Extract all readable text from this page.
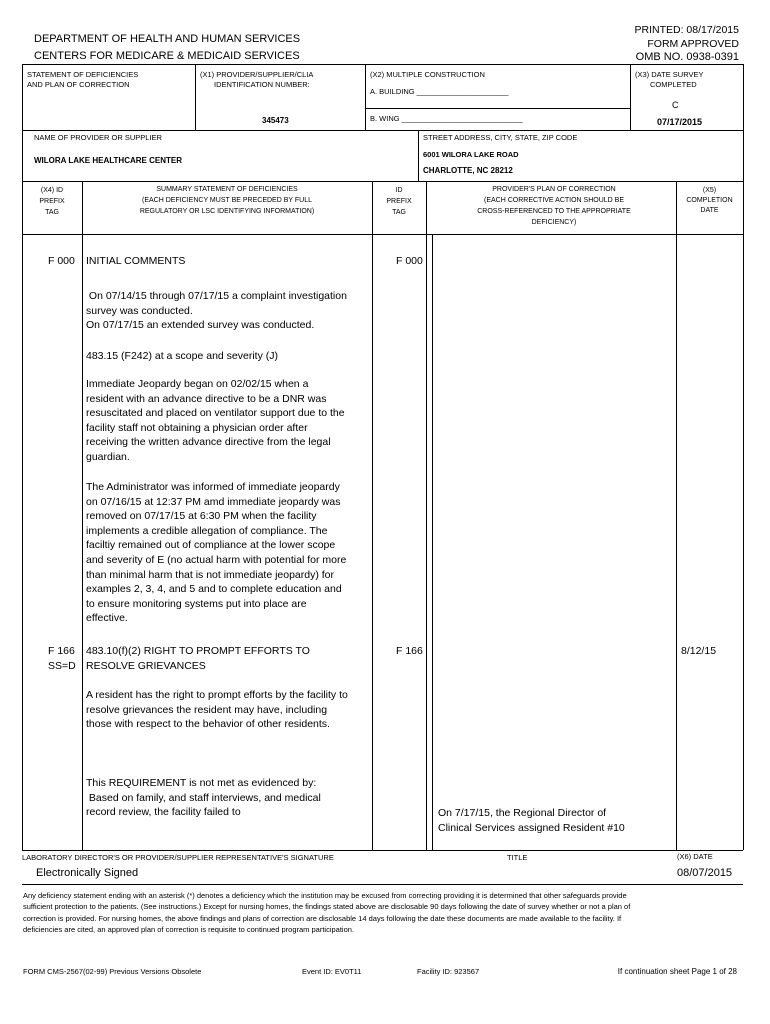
DEPARTMENT OF HEALTH AND HUMAN SERVICES
CENTERS FOR MEDICARE & MEDICAID SERVICES
PRINTED: 08/17/2015
FORM APPROVED
OMB NO. 0938-0391
STATEMENT OF DEFICIENCIES
AND PLAN OF CORRECTION
(X1) PROVIDER/SUPPLIER/CLIA
IDENTIFICATION NUMBER:
345473
(X2) MULTIPLE CONSTRUCTION
A. BUILDING ______________________
B. WING _____________________________
(X3) DATE SURVEY
COMPLETED
C
07/17/2015
NAME OF PROVIDER OR SUPPLIER
WILORA LAKE HEALTHCARE CENTER
STREET ADDRESS, CITY, STATE, ZIP CODE
6001 WILORA LAKE ROAD
CHARLOTTE, NC 28212
(X4) ID
PREFIX
TAG
SUMMARY STATEMENT OF DEFICIENCIES
(EACH DEFICIENCY MUST BE PRECEDED BY FULL
REGULATORY OR LSC IDENTIFYING INFORMATION)
ID
PREFIX
TAG
PROVIDER'S PLAN OF CORRECTION
(EACH CORRECTIVE ACTION SHOULD BE
CROSS-REFERENCED TO THE APPROPRIATE
DEFICIENCY)
(X5)
COMPLETION
DATE
F 000 INITIAL COMMENTS	F 000

On 07/14/15 through 07/17/15 a complaint investigation survey was conducted.

On 07/17/15 an extended survey was conducted.

483.15 (F242) at a scope and severity (J)
Immediate Jeopardy began on 02/02/15 when a resident with an advance directive to be a DNR was resuscitated and placed on ventilator support due to the facility staff not obtaining a physician order after receiving the written advance directive from the legal guardian.
The Administrator was informed of immediate jeopardy on 07/16/15 at 12:37 PM amd immediate jeopardy was removed on 07/17/15 at 6:30 PM when the facility implements a credible allegation of compliance. The faciltiy remained out of compliance at the lower scope and severity of E (no actual harm with potential for more than minimal harm that is not immediate jeopardy) for examples 2, 3, 4, and 5 and to complete education and to ensure monitoring systems put into place are effective.
F 166
SS=D
483.10(f)(2) RIGHT TO PROMPT EFFORTS TO
RESOLVE GRIEVANCES
F 166	8/12/15
A resident has the right to prompt efforts by the facility to resolve grievances the resident may have, including those with respect to the behavior of other residents.

This REQUIREMENT is not met as evidenced by:

Based on family, and staff interviews, and medical record review, the facility failed to	On 7/17/15, the Regional Director of
Clinical Services assigned Resident #10
LABORATORY DIRECTOR'S OR PROVIDER/SUPPLIER REPRESENTATIVE'S SIGNATURE	TITLE	(X6) DATE
Electronically Signed	08/07/2015
Any deficiency statement ending with an asterisk (*) denotes a deficiency which the institution may be excused from correcting providing it is determined that other safeguards provide sufficient protection to the patients. (See instructions.) Except for nursing homes, the findings stated above are disclosable 90 days following the date of survey whether or not a plan of correction is provided. For nursing homes, the above findings and plans of correction are disclosable 14 days following the date these documents are made available to the facility. If deficiencies are cited, an approved plan of correction is requisite to continued program participation.
FORM CMS-2567(02-99) Previous Versions Obsolete	Event ID: EV0T11	Facility ID: 923567	If continuation sheet Page 1 of 28
